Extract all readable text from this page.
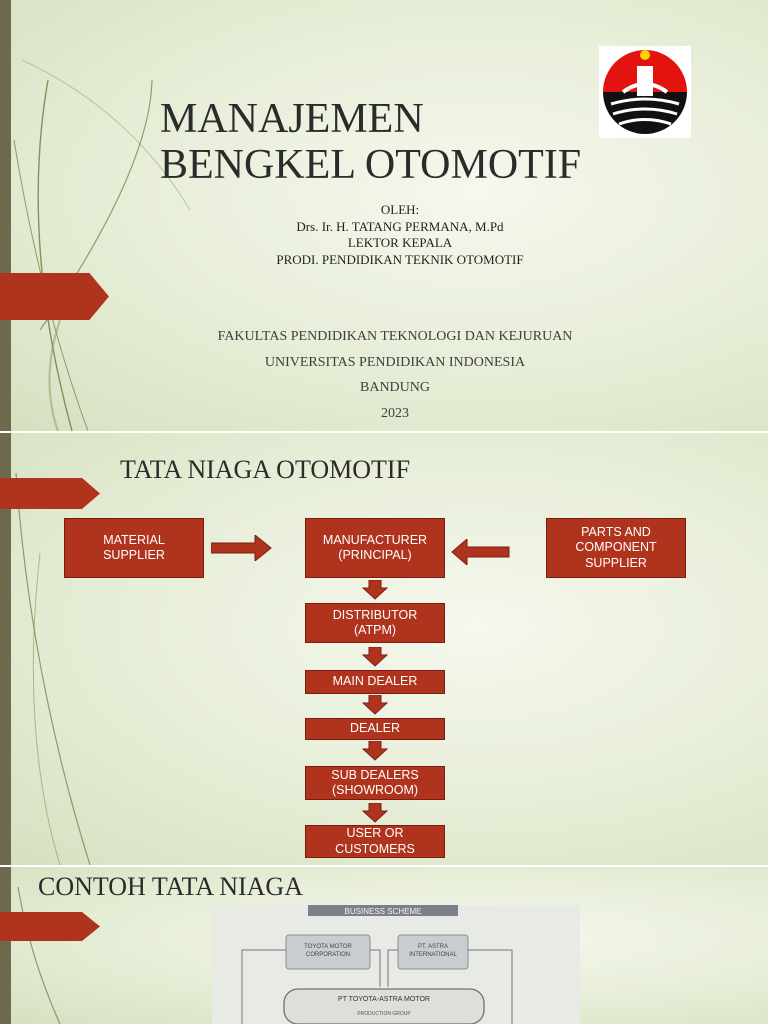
MANAJEMEN
BENGKEL OTOMOTIF
OLEH:
Drs. Ir. H. TATANG PERMANA, M.Pd
LEKTOR KEPALA
PRODI. PENDIDIKAN TEKNIK OTOMOTIF
FAKULTAS PENDIDIKAN TEKNOLOGI DAN KEJURUAN
UNIVERSITAS PENDIDIKAN INDONESIA
BANDUNG
2023
TATA NIAGA OTOMOTIF
MATERIAL
SUPPLIER
MANUFACTURER
(PRINCIPAL)
PARTS AND
COMPONENT
SUPPLIER
DISTRIBUTOR
(ATPM)
MAIN DEALER
DEALER
SUB DEALERS
(SHOWROOM)
USER OR
CUSTOMERS
CONTOH TATA NIAGA
BUSINESS SCHEME
TOYOTA MOTOR
CORPORATION
PT. ASTRA
INTERNATIONAL
PT TOYOTA-ASTRA MOTOR
PRODUCTION GROUP
